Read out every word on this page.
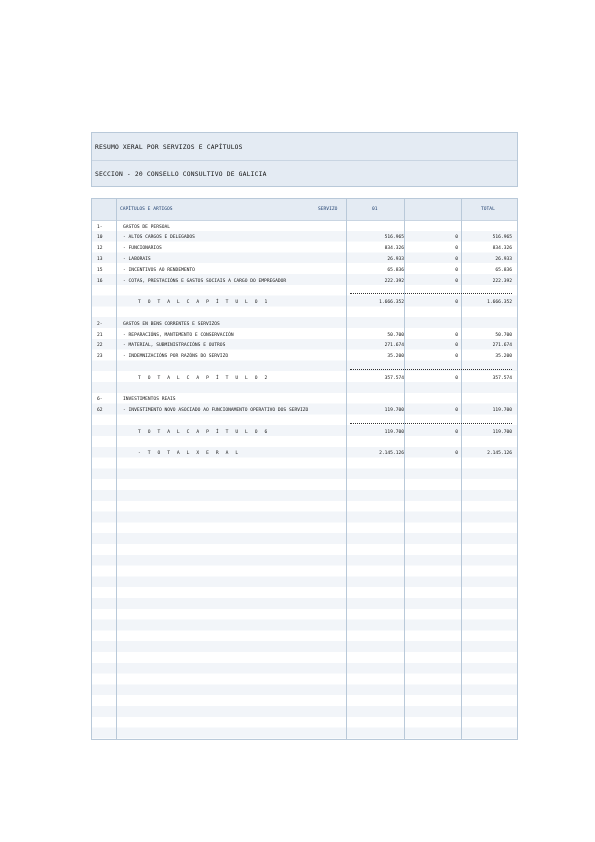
RESUMO XERAL POR SERVIZOS E CAPÍTULOS
SECCION - 20 CONSELLO CONSULTIVO DE GALICIA
CAPÍTULOS E ARTIGOS	SERVIZO	01	TOTAL
1-	GASTOS DE PERSOAL
10	- ALTOS CARGOS E DELEGADOS	516.965	0	516.965
12	- FUNCIONARIOS	834.326	0	834.326
13	- LABORAIS	26.933	0	26.933
15	- INCENTIVOS AO RENDEMENTO	65.836	0	65.836
16	- COTAS, PRESTACIÓNS E GASTOS SOCIAIS A CARGO DO EMPREGADOR	222.392	0	222.392
T O T A L C A P Í T U L O 1	1.666.352	0	1.666.352
2-	GASTOS EN BENS CORRENTES E SERVIZOS
21	- REPARACIÓNS, MANTEMENTO E CONSERVACIÓN	50.700	0	50.700
22	- MATERIAL, SUBMINISTRACIÓNS E OUTROS	271.674	0	271.674
23	- INDEMNIZACIÓNS POR RAZÓNS DO SERVIZO	35.200	0	35.200
T O T A L C A P Í T U L O 2	357.574	0	357.574
6-	INVESTIMENTOS REAIS
62	- INVESTIMENTO NOVO ASOCIADO AO FUNCIONAMENTO OPERATIVO DOS SERVIZO	119.700	0	119.700
T O T A L C A P Í T U L O 6	119.700	0	119.700
- T O T A L X E R A L	2.145.126	0	2.145.126
